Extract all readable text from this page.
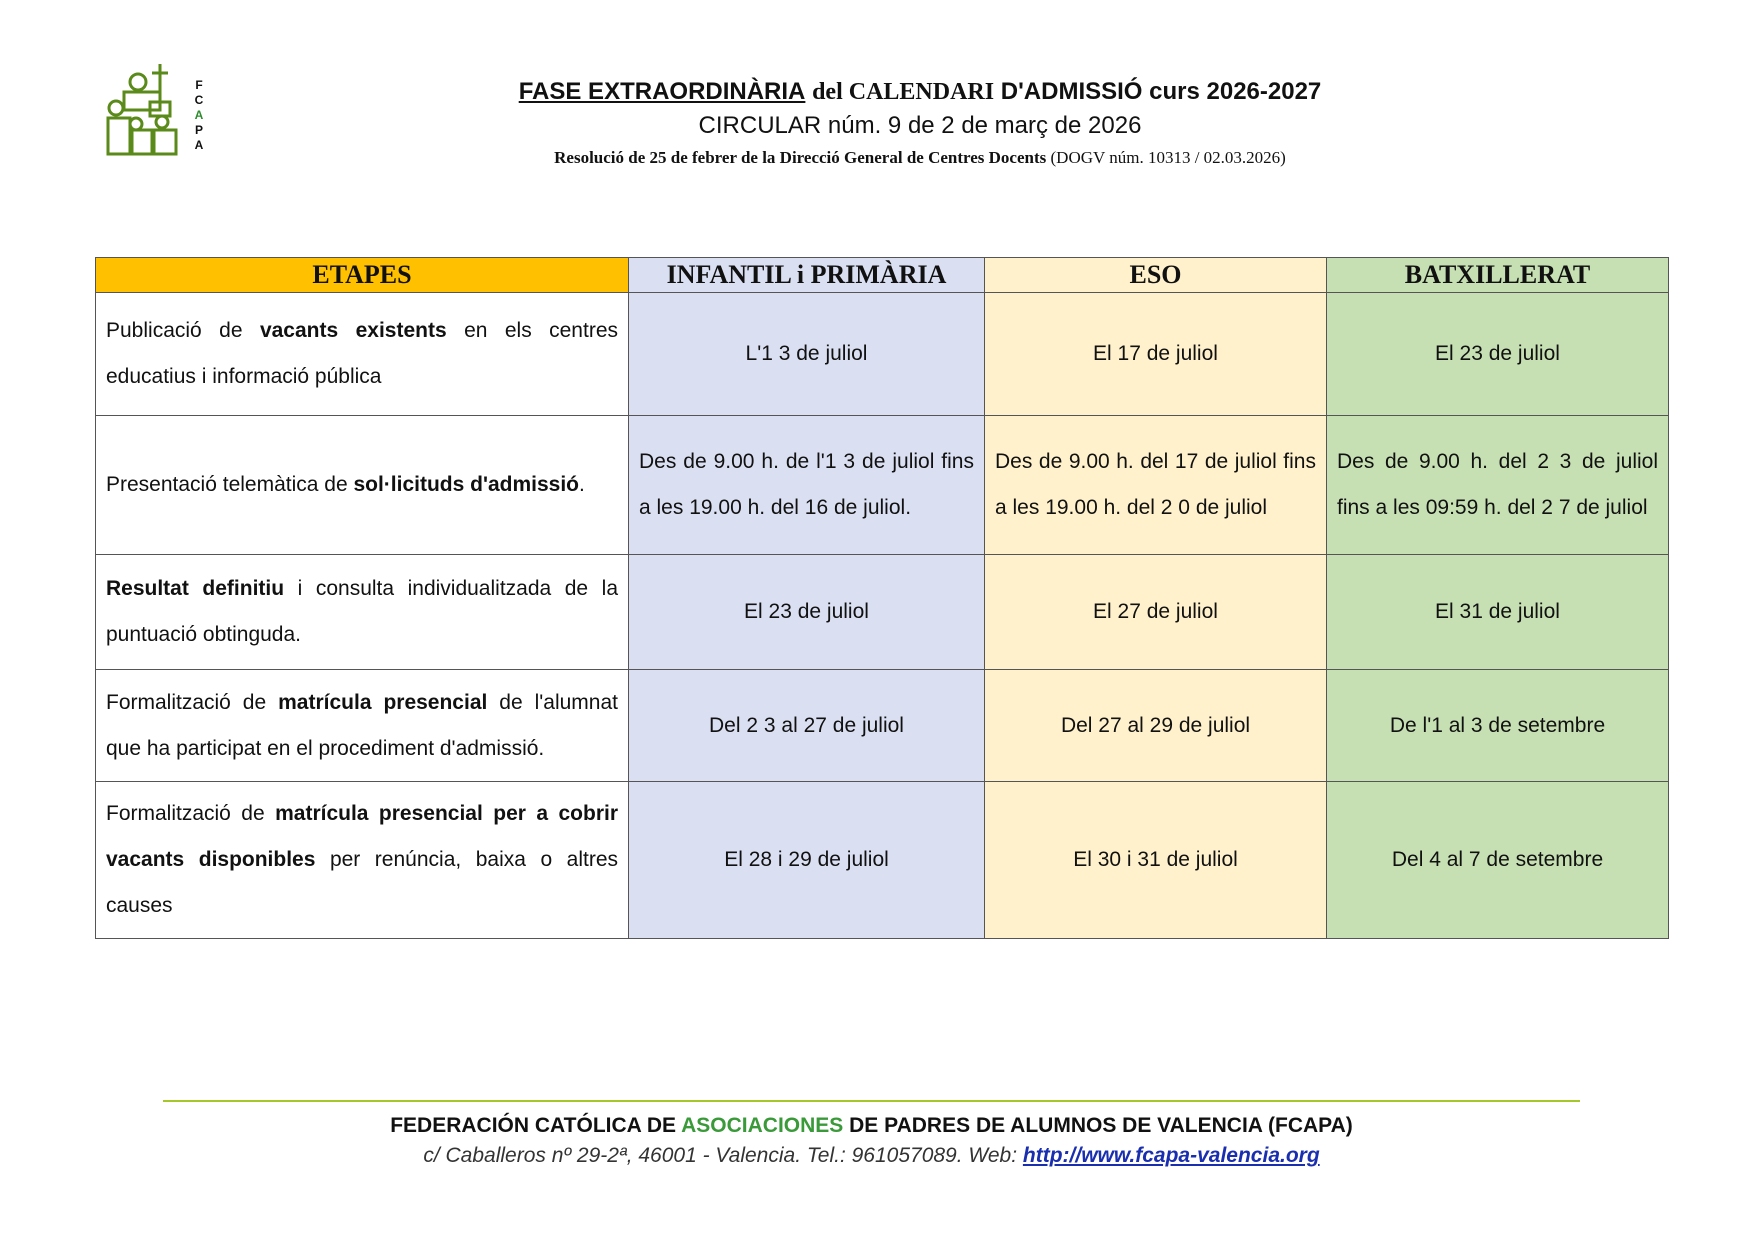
F
C
A
P
A
FASE EXTRAORDINÀRIA del CALENDARI D'ADMISSIÓ curs 2026-2027
CIRCULAR núm. 9 de 2 de març de 2026
Resolució de 25 de febrer de la Direcció General de Centres Docents (DOGV núm. 10313 / 02.03.2026)
ETAPES	INFANTIL i PRIMÀRIA	ESO	BATXILLERAT
Publicació de vacants existents en els centres educatius i informació pública	L'1 3 de juliol	El 17 de juliol	El 23 de juliol
Presentació telemàtica de sol·licituds d'admissió.	Des de 9.00 h. de l'1 3 de juliol fins a les 19.00 h. del 16 de juliol.	Des de 9.00 h. del 17 de juliol fins a les 19.00 h. del 2 0 de juliol	Des de 9.00 h. del 2 3 de juliol fins a les 09:59 h. del 2 7 de juliol
Resultat definitiu i consulta individualitzada de la puntuació obtinguda.	El 23 de juliol	El 27 de juliol	El 31 de juliol
Formalització de matrícula presencial de l'alumnat que ha participat en el procediment d'admissió.	Del 2 3 al 27 de juliol	Del 27 al 29 de juliol	De l'1 al 3 de setembre
Formalització de matrícula presencial per a cobrir vacants disponibles per renúncia, baixa o altres causes	El 28 i 29 de juliol	El 30 i 31 de juliol	Del 4 al 7 de setembre
FEDERACIÓN CATÓLICA DE ASOCIACIONES DE PADRES DE ALUMNOS DE VALENCIA (FCAPA)
c/ Caballeros nº 29-2ª, 46001 - Valencia. Tel.: 961057089. Web: http://www.fcapa-valencia.org
